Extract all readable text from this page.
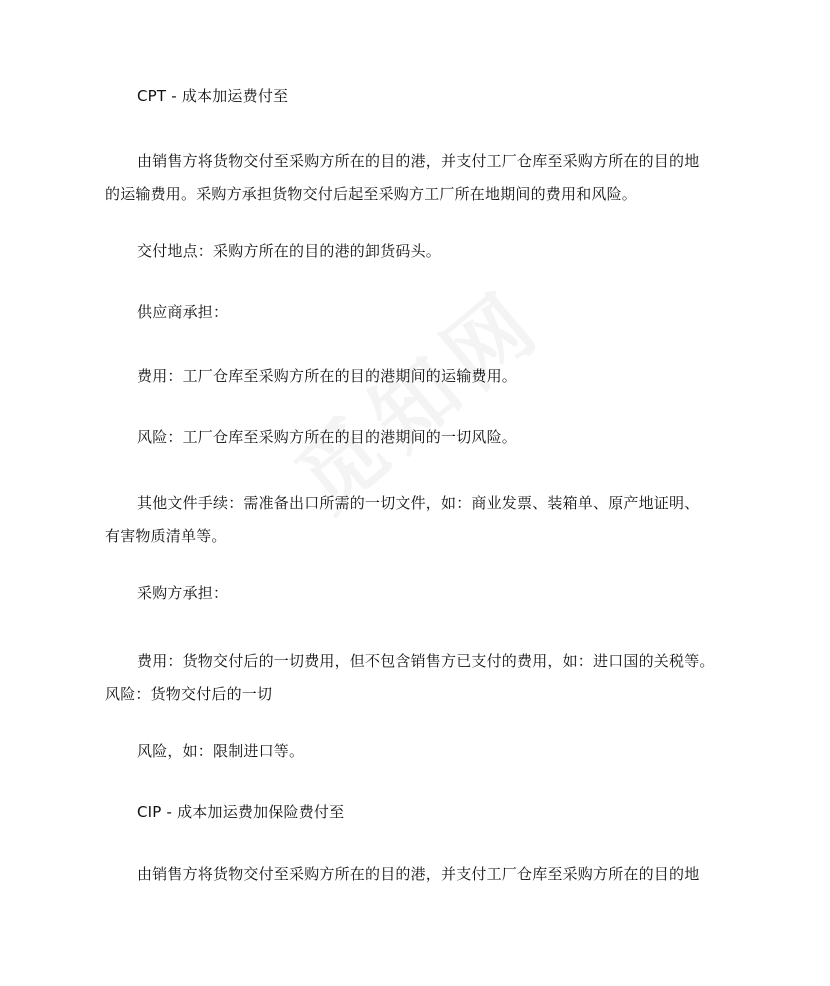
CPT - 成本加运费付至
由销售方将货物交付至采购方所在的目的港，并支付工厂仓库至采购方所在的目的地
的运输费用。采购方承担货物交付后起至采购方工厂所在地期间的费用和风险。
交付地点：采购方所在的目的港的卸货码头。
供应商承担：
费用：工厂仓库至采购方所在的目的港期间的运输费用。
风险：工厂仓库至采购方所在的目的港期间的一切风险。
其他文件手续：需准备出口所需的一切文件，如：商业发票、装箱单、原产地证明、
有害物质清单等。
采购方承担：
费用：货物交付后的一切费用，但不包含销售方已支付的费用，如：进口国的关税等。
风险：货物交付后的一切
风险，如：限制进口等。
CIP - 成本加运费加保险费付至
由销售方将货物交付至采购方所在的目的港，并支付工厂仓库至采购方所在的目的地
